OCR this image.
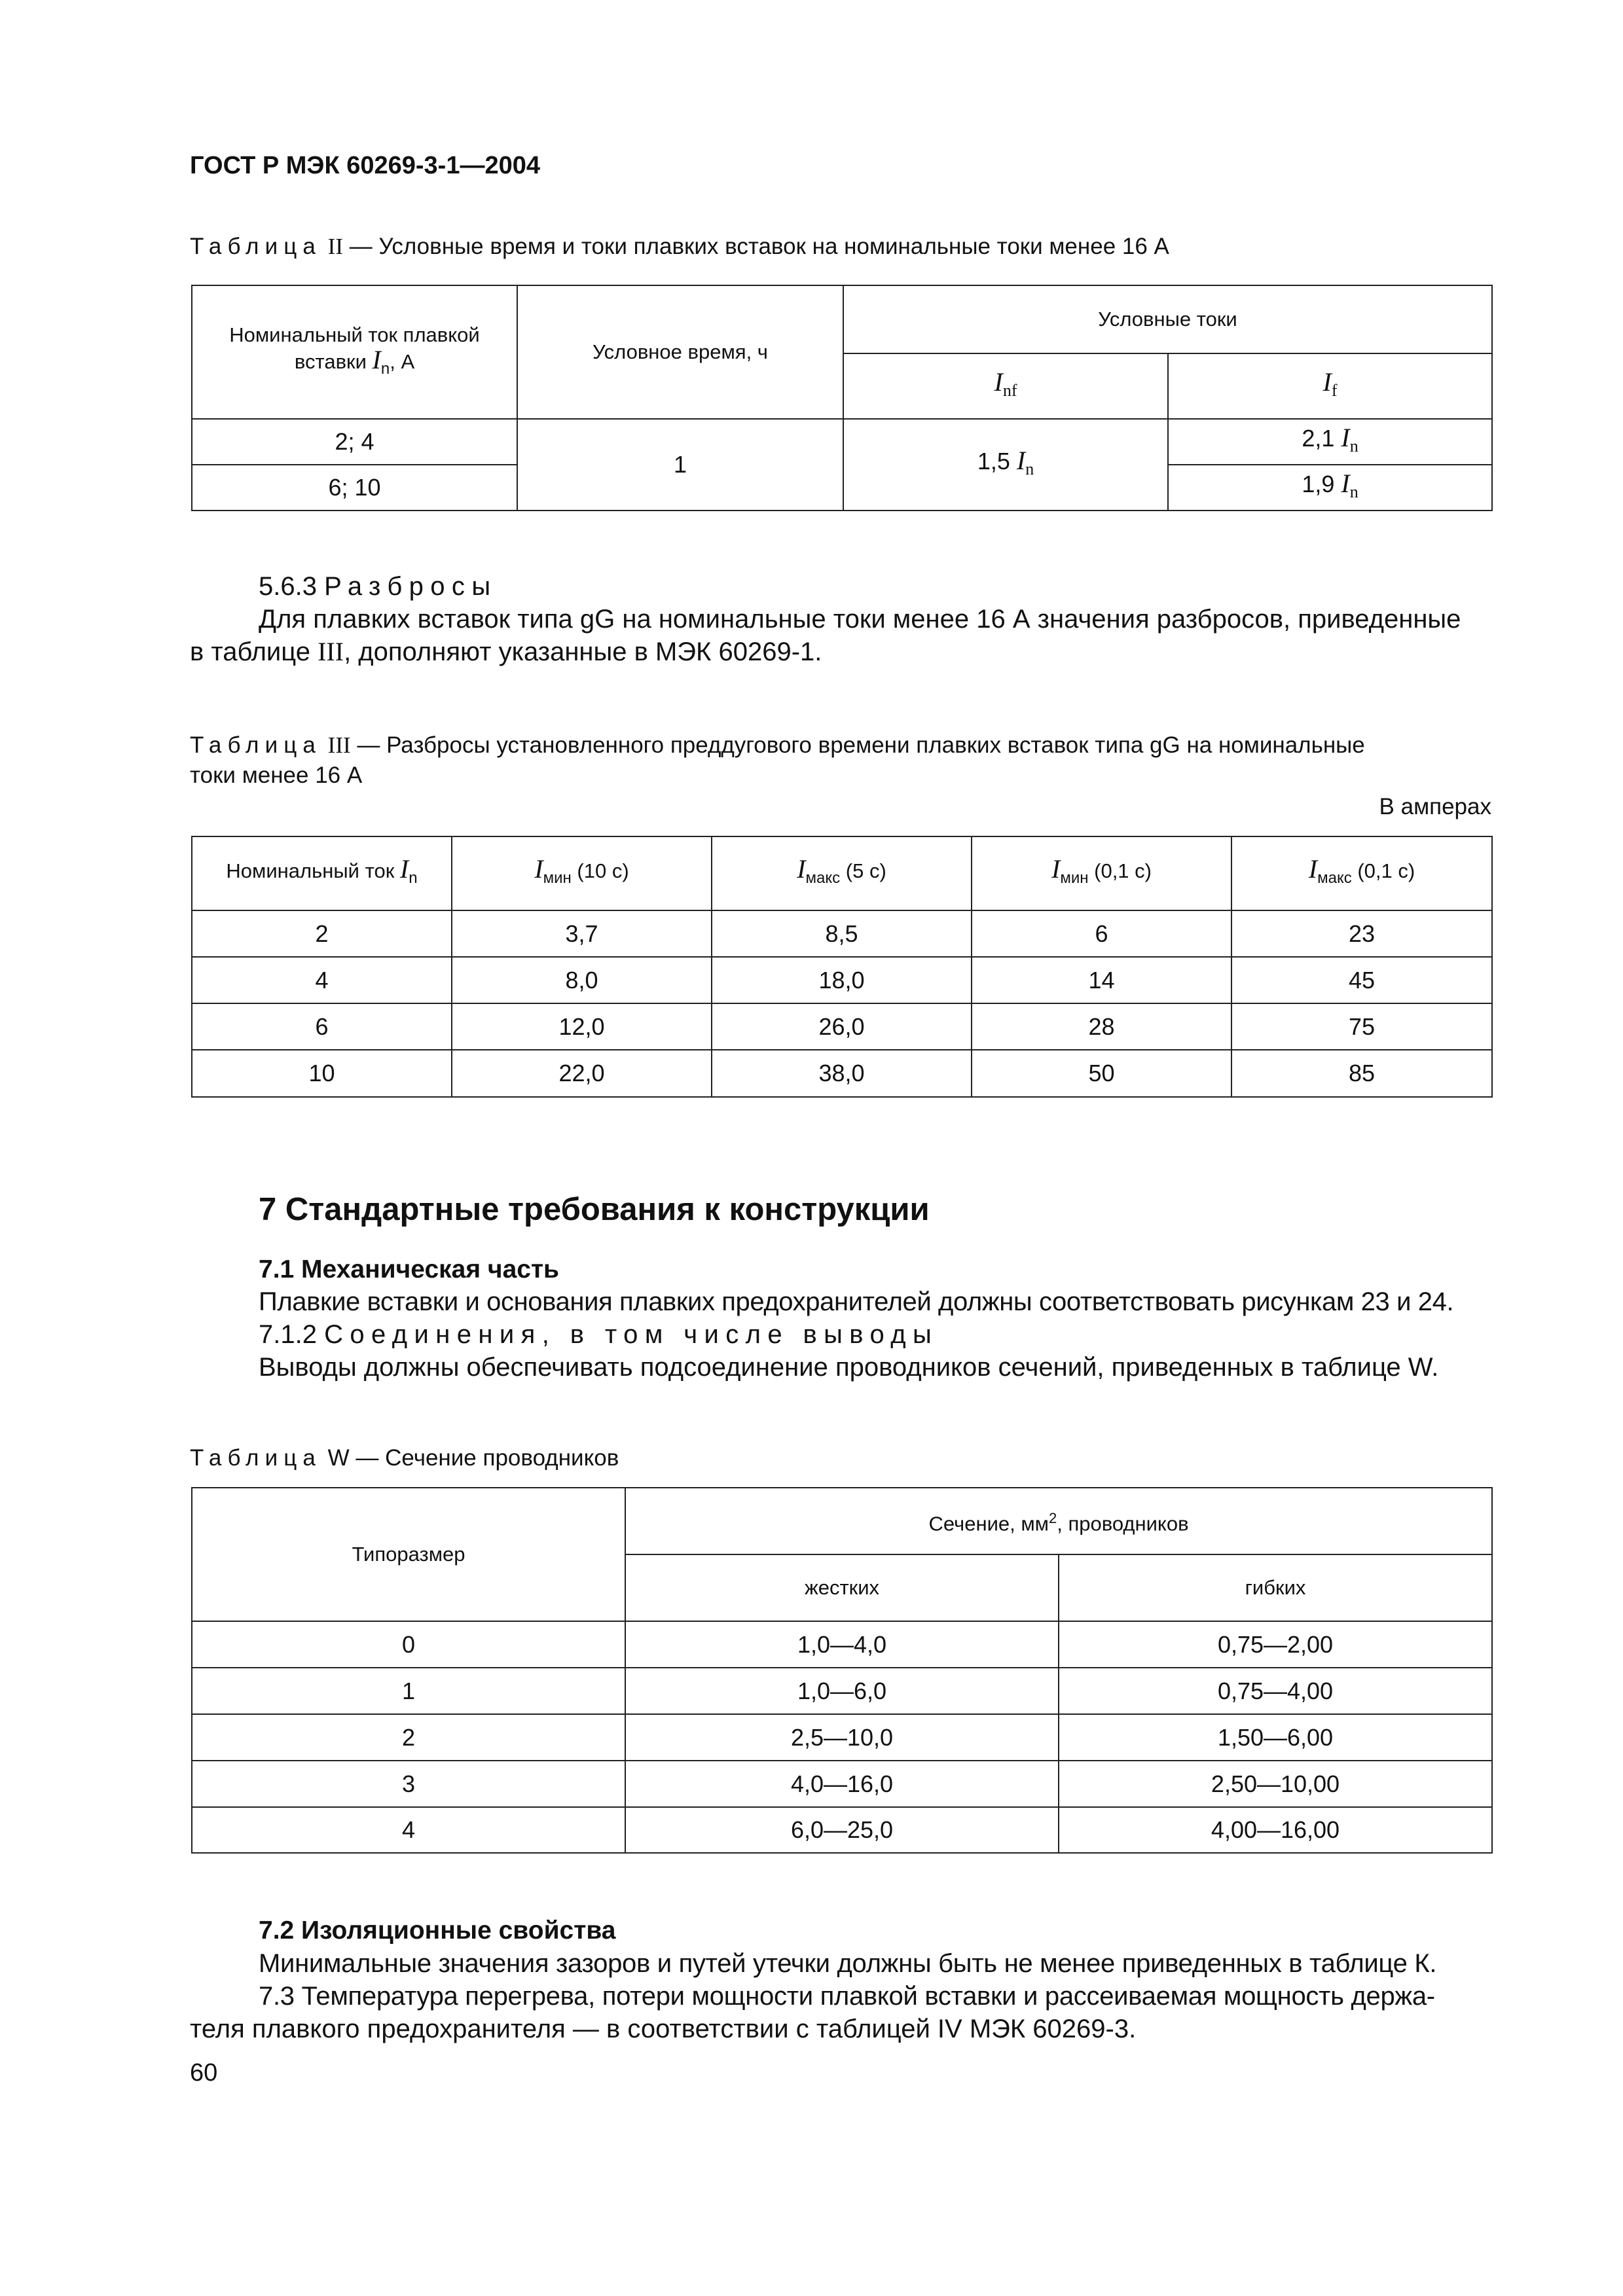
ГОСТ Р МЭК 60269-3-1—2004
Таблица II — Условные время и токи плавких вставок на номинальные токи менее 16 А
Номинальный ток плавкой
вставки $I_n$, А	Условное время, ч	Условные токи	
		$I_{nf}$	$I_f$
2; 4	1	1,5 $I_n$	2,1 $I_n$
6; 10			1,9 $I_n$
5.6.3 Разбросы
Для плавких вставок типа gG на номинальные токи менее 16 А значения разбросов, приведенные
в таблице III, дополняют указанные в МЭК 60269-1.
Таблица III — Разбросы установленного преддугового времени плавких вставок типа gG на номинальные
токи менее 16 А
В амперах
Номинальный ток $I_n$	$I_{мин}$ (10 с)	$I_{макс}$ (5 с)	$I_{мин}$ (0,1 с)	$I_{макс}$ (0,1 с)
2	3,7	8,5	6	23
4	8,0	18,0	14	45
6	12,0	26,0	28	75
10	22,0	38,0	50	85
7 Стандартные требования к конструкции
7.1 Механическая часть
Плавкие вставки и основания плавких предохранителей должны соответствовать рисункам 23 и 24.
7.1.2 Соединения, в том числе выводы
Выводы должны обеспечивать подсоединение проводников сечений, приведенных в таблице W.
Таблица W — Сечение проводников
Типоразмер	Сечение, $мм^2$, проводников	
	жестких	гибких
0	1,0—4,0	0,75—2,00
1	1,0—6,0	0,75—4,00
2	2,5—10,0	1,50—6,00
3	4,0—16,0	2,50—10,00
4	6,0—25,0	4,00—16,00
7.2 Изоляционные свойства
Минимальные значения зазоров и путей утечки должны быть не менее приведенных в таблице К.
7.3 Температура перегрева, потери мощности плавкой вставки и рассеиваемая мощность держа-
теля плавкого предохранителя — в соответствии с таблицей IV МЭК 60269-3.
60
